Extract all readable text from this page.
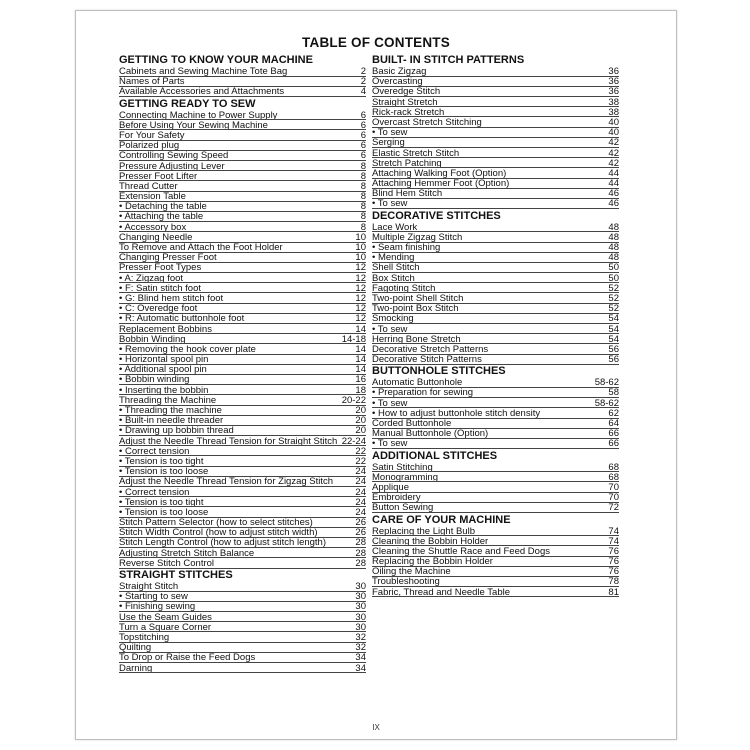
TABLE OF CONTENTS
GETTING TO KNOW YOUR MACHINE
Cabinets and Sewing Machine Tote Bag	2
Names of Parts	2
Available Accessories and Attachments	4
GETTING READY TO SEW
Connecting Machine to Power Supply	6
Before Using Your Sewing Machine	6
For Your Safety	6
Polarized plug	6
Controlling Sewing Speed	6
Pressure Adjusting Lever	8
Presser Foot Lifter	8
Thread Cutter	8
Extension Table	8
• Detaching the table	8
• Attaching the table	8
• Accessory box	8
Changing Needle	10
To Remove and Attach the Foot Holder	10
Changing Presser Foot	10
Presser Foot Types	12
• A: Zigzag foot	12
• F: Satin stitch foot	12
• G: Blind hem stitch foot	12
• C: Overedge foot	12
• R: Automatic buttonhole foot	12
Replacement Bobbins	14
Bobbin Winding	14-18
• Removing the hook cover plate	14
• Horizontal spool pin	14
• Additional spool pin	14
• Bobbin winding	16
• Inserting the bobbin	18
Threading the Machine	20-22
• Threading the machine	20
• Built-in needle threader	20
• Drawing up bobbin thread	20
Adjust the Needle Thread Tension for Straight Stitch 22-24
• Correct tension	22
• Tension is too tight	22
• Tension is too loose	24
Adjust the Needle Thread Tension for Zigzag Stitch 24
• Correct tension	24
• Tension is too tight	24
• Tension is too loose	24
Stitch Pattern Selector (how to select stitches)	26
Stitch Width Control (how to adjust stitch width)	26
Stitch Length Control (how to adjust stitch length)	28
Adjusting Stretch Stitch Balance	28
Reverse Stitch Control	28
STRAIGHT STITCHES
Straight Stitch	30
• Starting to sew	30
• Finishing sewing	30
Use the Seam Guides	30
Turn a Square Corner	30
Topstitching	32
Quilting	32
To Drop or Raise the Feed Dogs	34
Darning	34
BUILT- IN STITCH PATTERNS
Basic Zigzag	36
Overcasting	36
Overedge Stitch	36
Straight Stretch	38
Rick-rack Stretch	38
Overcast Stretch Stitching	40
• To sew	40
Serging	42
Elastic Stretch Stitch	42
Stretch Patching	42
Attaching Walking Foot (Option)	44
Attaching Hemmer Foot (Option)	44
Blind Hem Stitch	46
• To sew	46
DECORATIVE STITCHES
Lace Work	48
Multiple Zigzag Stitch	48
• Seam finishing	48
• Mending	48
Shell Stitch	50
Box Stitch	50
Fagoting Stitch	52
Two-point Shell Stitch	52
Two-point Box Stitch	52
Smocking	54
• To sew	54
Herring Bone Stretch	54
Decorative Stretch Patterns	56
Decorative Stitch Patterns	56
BUTTONHOLE STITCHES
Automatic Buttonhole	58-62
• Preparation for sewing	58
• To sew	58-62
• How to adjust buttonhole stitch density	62
Corded Buttonhole	64
Manual Buttonhole (Option)	66
• To sew	66
ADDITIONAL STITCHES
Satin Stitching	68
Monogramming	68
Applique	70
Embroidery	70
Button Sewing	72
CARE OF YOUR MACHINE
Replacing the Light Bulb	74
Cleaning the Bobbin Holder	74
Cleaning the Shuttle Race and Feed Dogs	76
Replacing the Bobbin Holder	76
Oiling the Machine	76
Troubleshooting	78
Fabric, Thread and Needle Table	81
IX
